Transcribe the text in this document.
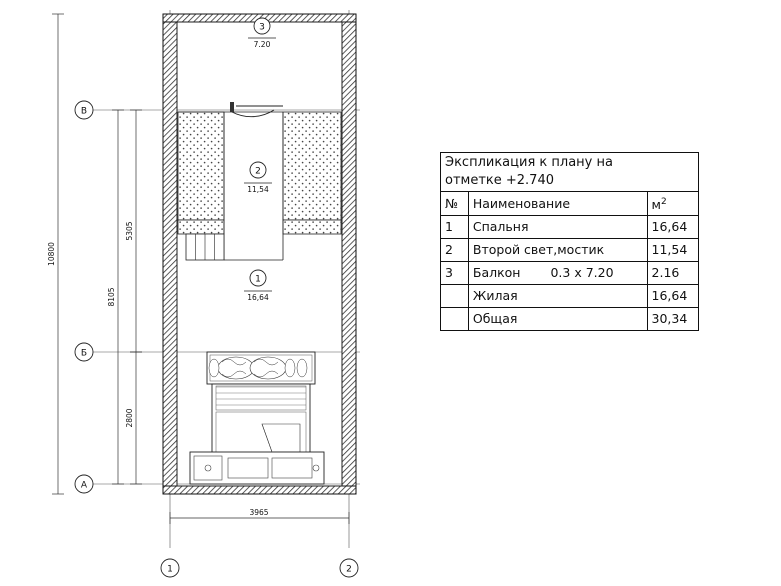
В
Б
А
1	2
2
11,54
1
16,64
3
7.20
10800
8105
5305
2800
3965
Экспликация к плану на
отметке +2.740		

№	Наименование	$м^2$
1	Спальня	16,64
2	Второй свет,мостик	11,54
3	Балкон 0.3 х 7.20	2.16
	Жилая	16,64
	Общая	30,34
